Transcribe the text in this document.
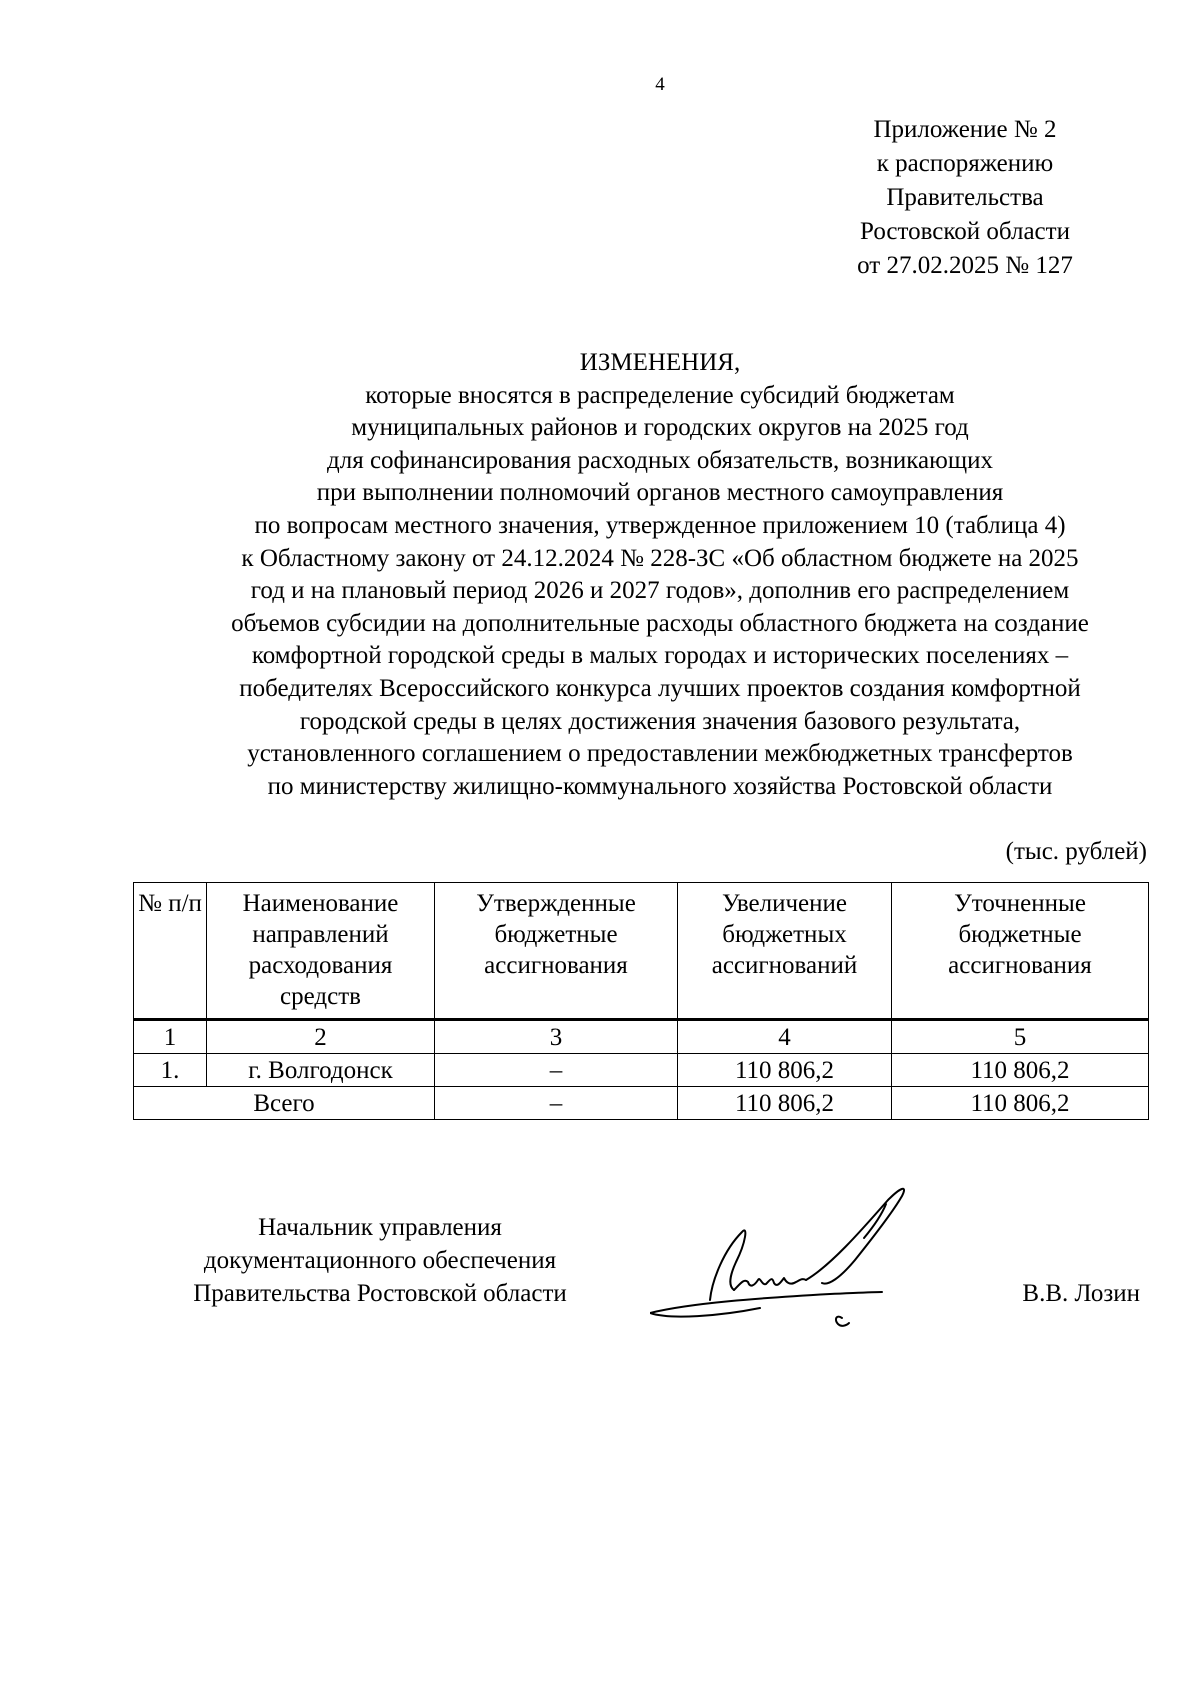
4
Приложение № 2
к распоряжению
Правительства
Ростовской области
от 27.02.2025 № 127
ИЗМЕНЕНИЯ,
которые вносятся в распределение субсидий бюджетам
муниципальных районов и городских округов на 2025 год
для софинансирования расходных обязательств, возникающих
при выполнении полномочий органов местного самоуправления
по вопросам местного значения, утвержденное приложением 10 (таблица 4)
к Областному закону от 24.12.2024 № 228-ЗС «Об областном бюджете на 2025
год и на плановый период 2026 и 2027 годов», дополнив его распределением
объемов субсидии на дополнительные расходы областного бюджета на создание
комфортной городской среды в малых городах и исторических поселениях –
победителях Всероссийского конкурса лучших проектов создания комфортной
городской среды в целях достижения значения базового результата,
установленного соглашением о предоставлении межбюджетных трансфертов
по министерству жилищно-коммунального хозяйства Ростовской области
(тыс. рублей)
№ п/п	Наименование направлений расходования средств	Утвержденные бюджетные ассигнования	Увеличение бюджетных ассигнований	Уточненные бюджетные ассигнования
1	2	3	4	5
1.	г. Волгодонск	–	110 806,2	110 806,2
Всего		–	110 806,2	110 806,2
Начальник управления
документационного обеспечения
Правительства Ростовской области	В.В. Лозин
